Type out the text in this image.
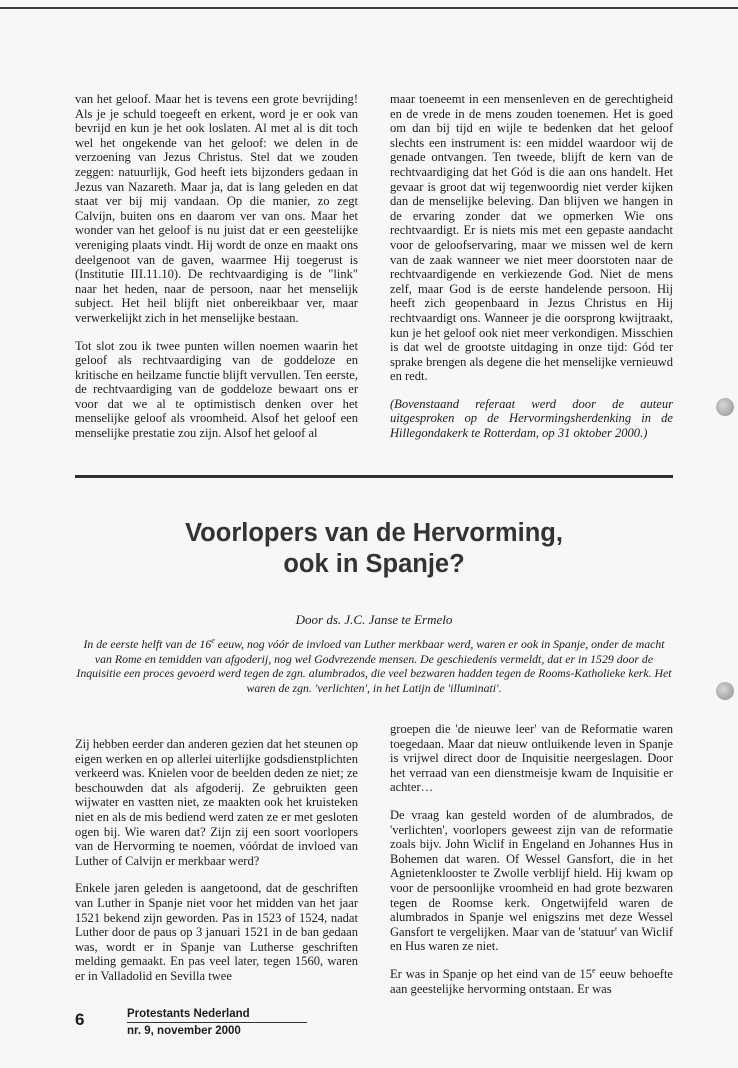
van het geloof. Maar het is tevens een grote bevrijding! Als je je schuld toegeeft en erkent, word je er ook van bevrijd en kun je het ook loslaten. Al met al is dit toch wel het ongekende van het geloof: we delen in de verzoening van Jezus Christus. Stel dat we zouden zeggen: natuurlijk, God heeft iets bijzonders gedaan in Jezus van Nazareth. Maar ja, dat is lang geleden en dat staat ver bij mij vandaan. Op die manier, zo zegt Calvijn, buiten ons en daarom ver van ons. Maar het wonder van het geloof is nu juist dat er een geestelijke vereniging plaats vindt. Hij wordt de onze en maakt ons deelgenoot van de gaven, waarmee Hij toegerust is (Institutie III.11.10). De rechtvaardiging is de "link" naar het heden, naar de persoon, naar het menselijk subject. Het heil blijft niet onbereikbaar ver, maar verwerkelijkt zich in het menselijke bestaan.

Tot slot zou ik twee punten willen noemen waarin het geloof als rechtvaardiging van de goddeloze en kritische en heilzame functie blijft vervullen. Ten eerste, de rechtvaardiging van de goddeloze bewaart ons er voor dat we al te optimistisch denken over het menselijke geloof als vroomheid. Alsof het geloof een menselijke prestatie zou zijn. Alsof het geloof al

maar toeneemt in een mensenleven en de gerechtigheid en de vrede in de mens zouden toenemen. Het is goed om dan bij tijd en wijle te bedenken dat het geloof slechts een instrument is: een middel waardoor wij de genade ontvangen. Ten tweede, blijft de kern van de rechtvaardiging dat het Gód is die aan ons handelt. Het gevaar is groot dat wij tegenwoordig niet verder kijken dan de menselijke beleving. Dan blijven we hangen in de ervaring zonder dat we opmerken Wie ons rechtvaardigt. Er is niets mis met een gepaste aandacht voor de geloofservaring, maar we missen wel de kern van de zaak wanneer we niet meer doorstoten naar de rechtvaardigende en verkiezende God. Niet de mens zelf, maar God is de eerste handelende persoon. Hij heeft zich geopenbaard in Jezus Christus en Hij rechtvaardigt ons. Wanneer je die oorsprong kwijtraakt, kun je het geloof ook niet meer verkondigen. Misschien is dat wel de grootste uitdaging in onze tijd: Gód ter sprake brengen als degene die het menselijke vernieuwd en redt.

(Bovenstaand referaat werd door de auteur uitgesproken op de Hervormingsherdenking in de Hillegondakerk te Rotterdam, op 31 oktober 2000.)

Voorlopers van de Hervorming,
ook in Spanje?
Door ds. J.C. Janse te Ermelo
In de eerste helft van de 16e eeuw, nog vóór de invloed van Luther merkbaar werd, waren er ook in Spanje, onder de macht van Rome en temidden van afgoderij, nog wel Godvrezende mensen. De geschiedenis vermeldt, dat er in 1529 door de Inquisitie een proces gevoerd werd tegen de zgn. alumbrados, die veel bezwaren hadden tegen de Rooms-Katholieke kerk. Het waren de zgn. 'verlichten', in het Latijn de 'illuminati'.

Zij hebben eerder dan anderen gezien dat het steunen op eigen werken en op allerlei uiterlijke godsdienstplichten verkeerd was. Knielen voor de beelden deden ze niet; ze beschouwden dat als afgoderij. Ze gebruikten geen wijwater en vastten niet, ze maakten ook het kruisteken niet en als de mis bediend werd zaten ze er met gesloten ogen bij. Wie waren dat? Zijn zij een soort voorlopers van de Hervorming te noemen, vóórdat de invloed van Luther of Calvijn er merkbaar werd?

Enkele jaren geleden is aangetoond, dat de geschriften van Luther in Spanje niet voor het midden van het jaar 1521 bekend zijn geworden. Pas in 1523 of 1524, nadat Luther door de paus op 3 januari 1521 in de ban gedaan was, wordt er in Spanje van Lutherse geschriften melding gemaakt. En pas veel later, tegen 1560, waren er in Valladolid en Sevilla twee

groepen die 'de nieuwe leer' van de Reformatie waren toegedaan. Maar dat nieuw ontluikende leven in Spanje is vrijwel direct door de Inquisitie neergeslagen. Door het verraad van een dienstmeisje kwam de Inquisitie er achter…

De vraag kan gesteld worden of de alumbrados, de 'verlichten', voorlopers geweest zijn van de reformatie zoals bijv. John Wiclif in Engeland en Johannes Hus in Bohemen dat waren. Of Wessel Gansfort, die in het Agnietenklooster te Zwolle verblijf hield. Hij kwam op voor de persoonlijke vroomheid en had grote bezwaren tegen de Roomse kerk. Ongetwijfeld waren de alumbrados in Spanje wel enigszins met deze Wessel Gansfort te vergelijken. Maar van de 'statuur' van Wiclif en Hus waren ze niet.

Er was in Spanje op het eind van de 15e eeuw behoefte aan geestelijke hervorming ontstaan. Er was

6	Protestants Nederland
nr. 9, november 2000
